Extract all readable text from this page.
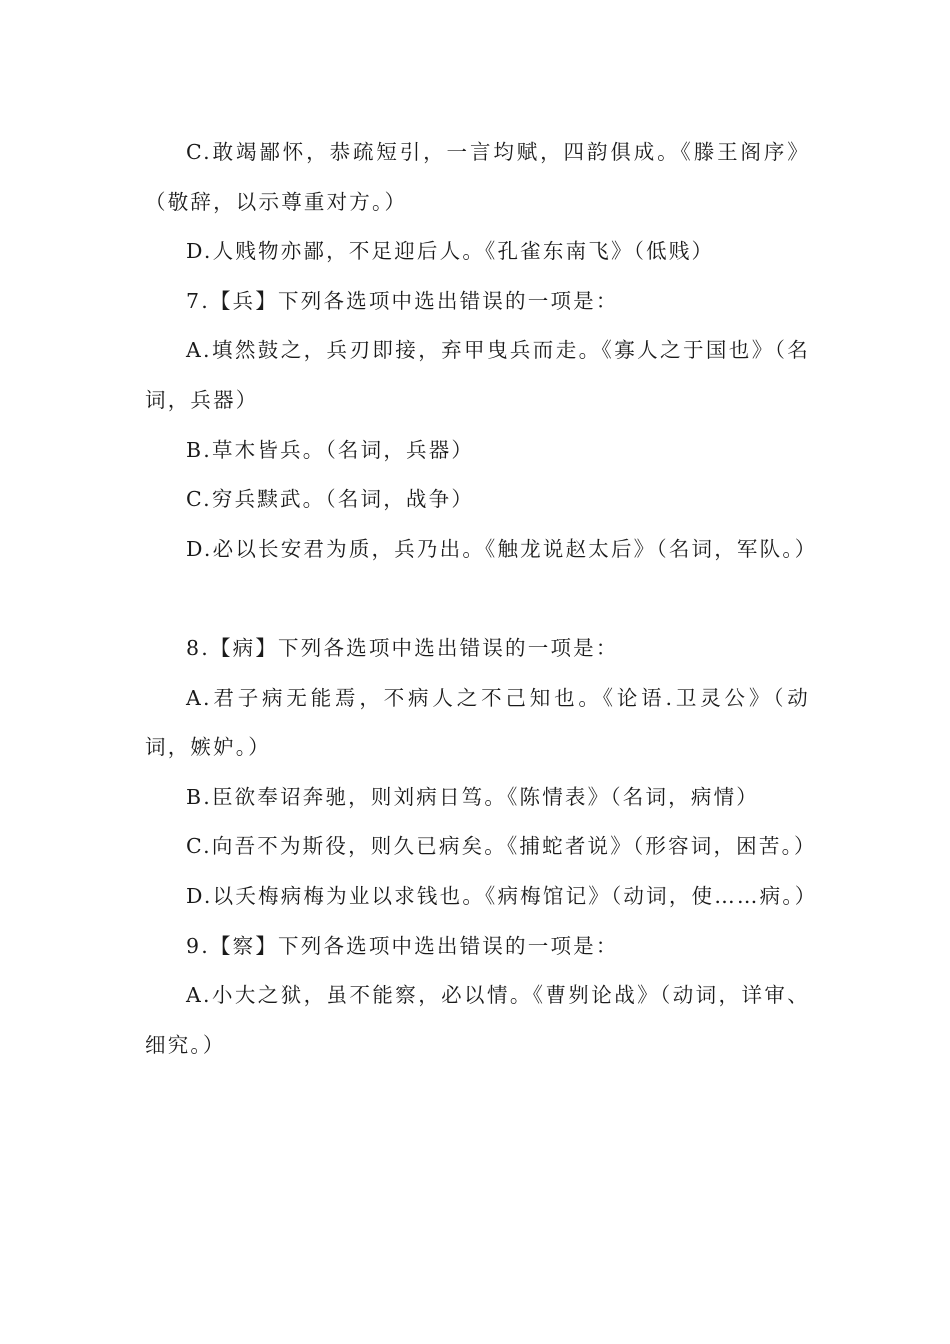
C.敢竭鄙怀，恭疏短引，一言均赋，四韵俱成。《滕王阁序》（敬辞，以示尊重对方。）

D.人贱物亦鄙，不足迎后人。《孔雀东南飞》（低贱）

7.【兵】下列各选项中选出错误的一项是：

A.填然鼓之，兵刃即接，弃甲曳兵而走。《寡人之于国也》（名词，兵器）

B.草木皆兵。（名词，兵器）

C.穷兵黩武。（名词，战争）

D.必以长安君为质，兵乃出。《触龙说赵太后》（名词，军队。）

8.【病】下列各选项中选出错误的一项是：

A.君子病无能焉，不病人之不己知也。《论语.卫灵公》（动词，嫉妒。）

B.臣欲奉诏奔驰，则刘病日笃。《陈情表》（名词，病情）

C.向吾不为斯役，则久已病矣。《捕蛇者说》（形容词，困苦。）

D.以夭梅病梅为业以求钱也。《病梅馆记》（动词，使……病。）

9.【察】下列各选项中选出错误的一项是：

A.小大之狱，虽不能察，必以情。《曹刿论战》（动词，详审、细究。）
